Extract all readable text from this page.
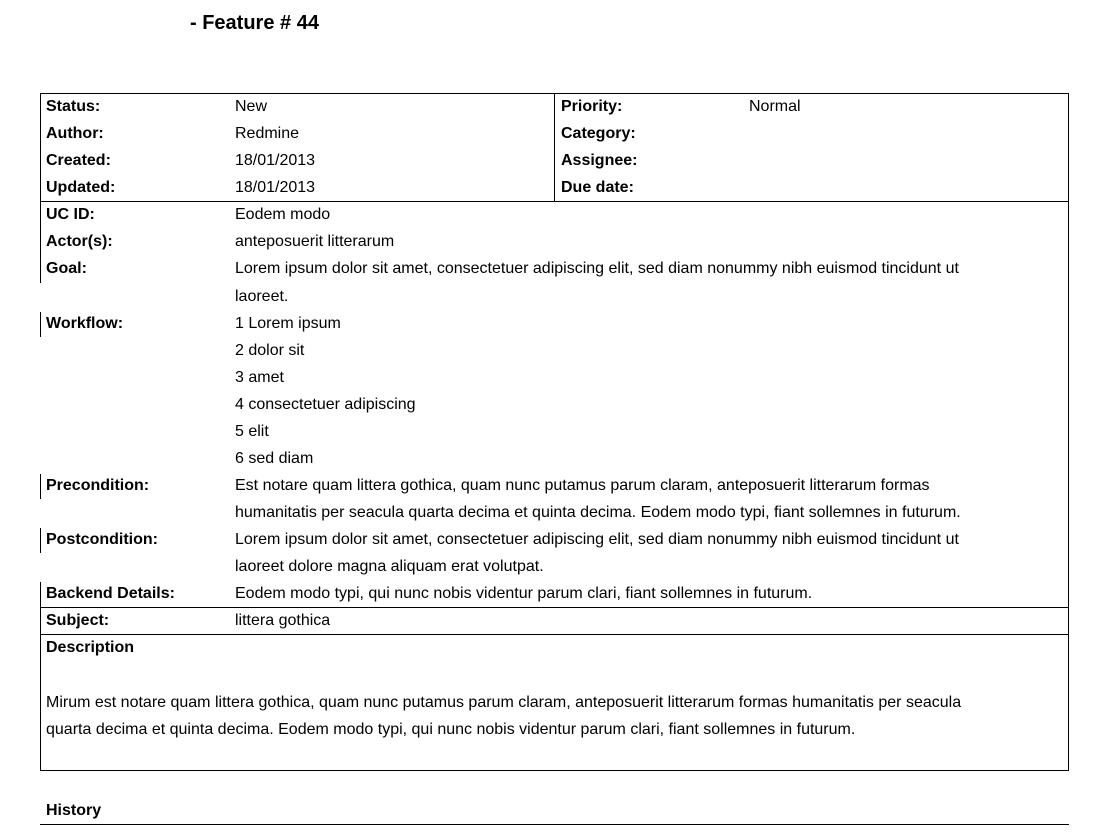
- Feature # 44
Status:	New
Author:	Redmine
Created:	18/01/2013
Updated:	18/01/2013
Priority:	Normal
Category:
Assignee:
Due date:
UC ID:	Eodem modo
Actor(s):	anteposuerit litterarum
Goal:	Lorem ipsum dolor sit amet, consectetuer adipiscing elit, sed diam nonummy nibh euismod tincidunt ut
laoreet.
Workflow:	1 Lorem ipsum
2 dolor sit
3 amet
4 consectetuer adipiscing
5 elit
6 sed diam
Precondition:	Est notare quam littera gothica, quam nunc putamus parum claram, anteposuerit litterarum formas
humanitatis per seacula quarta decima et quinta decima. Eodem modo typi, fiant sollemnes in futurum.
Postcondition:	Lorem ipsum dolor sit amet, consectetuer adipiscing elit, sed diam nonummy nibh euismod tincidunt ut
laoreet dolore magna aliquam erat volutpat.
Backend Details:	Eodem modo typi, qui nunc nobis videntur parum clari, fiant sollemnes in futurum.
Subject:	littera gothica
Description
Mirum est notare quam littera gothica, quam nunc putamus parum claram, anteposuerit litterarum formas humanitatis per seacula
quarta decima et quinta decima. Eodem modo typi, qui nunc nobis videntur parum clari, fiant sollemnes in futurum.
History
